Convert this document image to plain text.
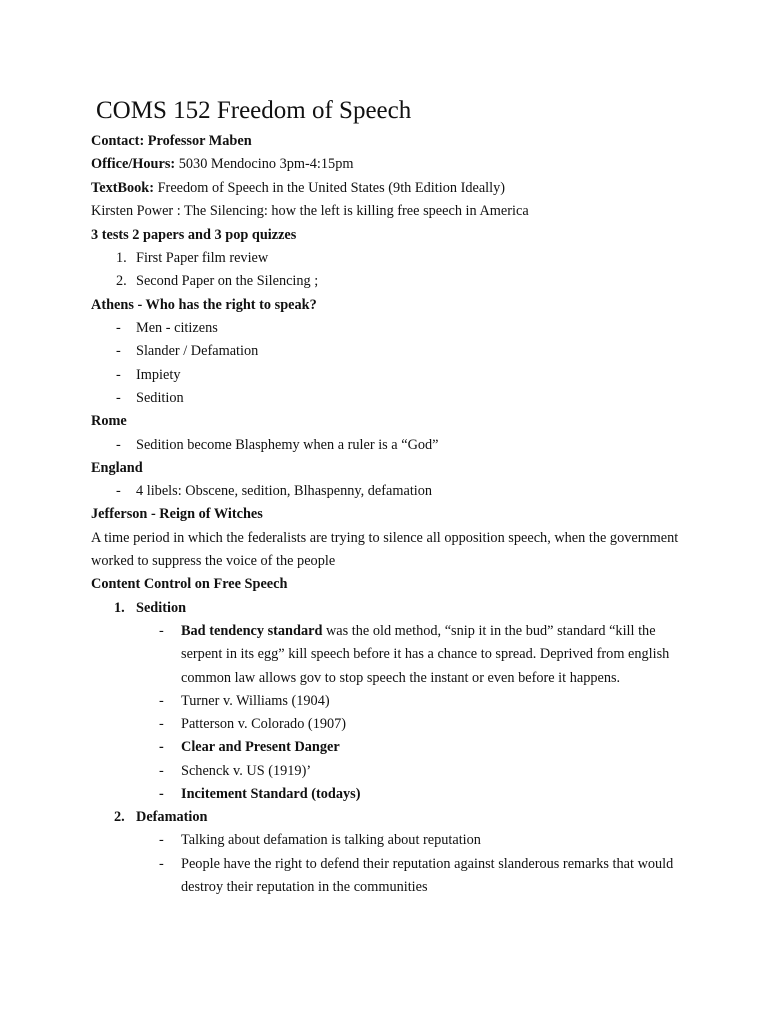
COMS 152 Freedom of Speech
Contact: Professor Maben
Office/Hours: 5030 Mendocino 3pm-4:15pm
TextBook: Freedom of Speech in the United States (9th Edition Ideally)
Kirsten Power : The Silencing: how the left is killing free speech in America
3 tests 2 papers and 3 pop quizzes
1. First Paper film review
2. Second Paper on the Silencing ;
Athens - Who has the right to speak?
- Men - citizens
- Slander / Defamation
- Impiety
- Sedition
Rome
- Sedition become Blasphemy when a ruler is a “God”
England
- 4 libels: Obscene, sedition, Blhaspenny, defamation
Jefferson - Reign of Witches
A time period in which the federalists are trying to silence all opposition speech, when the government
worked to suppress the voice of the people
Content Control on Free Speech
1. Sedition
- Bad tendency standard was the old method, “snip it in the bud” standard “kill the
serpent in its egg” kill speech before it has a chance to spread. Deprived from english
common law allows gov to stop speech the instant or even before it happens.
- Turner v. Williams (1904)
- Patterson v. Colorado (1907)
- Clear and Present Danger
- Schenck v. US (1919)’
- Incitement Standard (todays)
2. Defamation
- Talking about defamation is talking about reputation
- People have the right to defend their reputation against slanderous remarks that would
destroy their reputation in the communities
